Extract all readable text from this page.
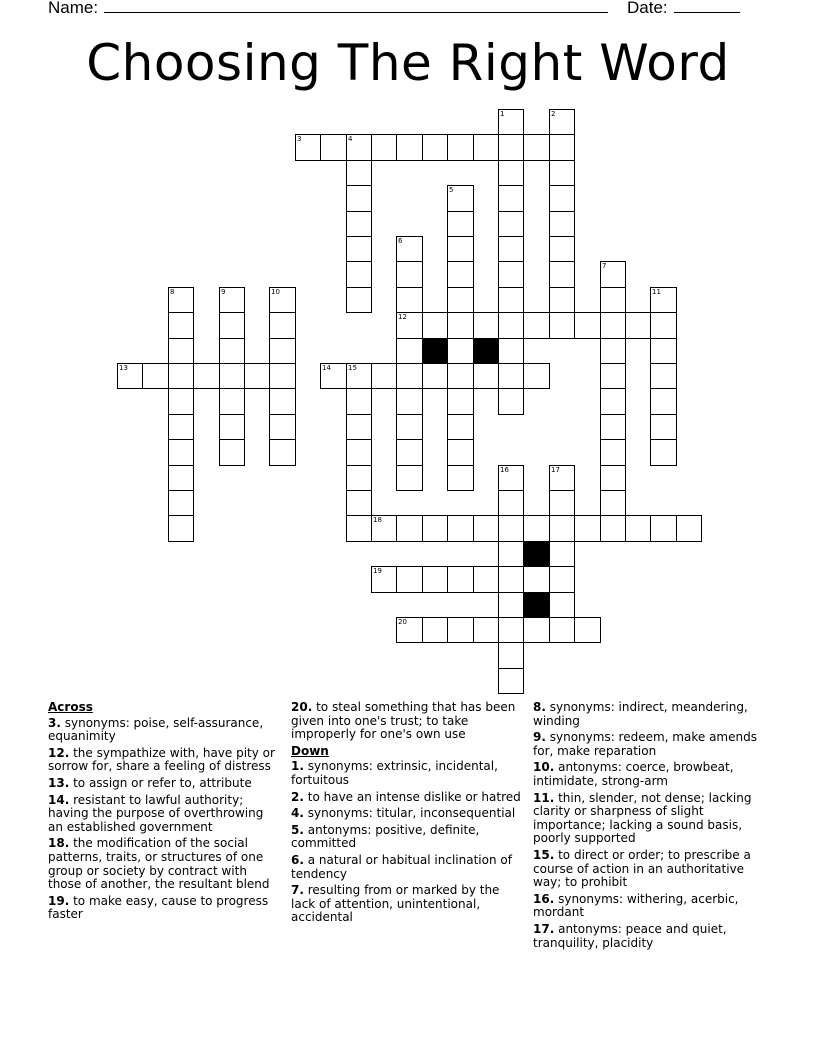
Name:	Date:
Choosing The Right Word
3	4
12
13	14 15
18
19
20
1	2
5
6
7
8	9	10	11
16	17
Across
3. synonyms: poise, self-assurance, equanimity
12. the sympathize with, have pity or sorrow for, share a feeling of distress
13. to assign or refer to, attribute
14. resistant to lawful authority; having the purpose of overthrowing an established government
18. the modification of the social patterns, traits, or structures of one group or society by contract with those of another, the resultant blend
19. to make easy, cause to progress faster
20. to steal something that has been given into one's trust; to take improperly for one's own use
Down
1. synonyms: extrinsic, incidental, fortuitous
2. to have an intense dislike or hatred
4. synonyms: titular, inconsequential
5. antonyms: positive, definite, committed
6. a natural or habitual inclination of tendency
7. resulting from or marked by the lack of attention, unintentional, accidental
8. synonyms: indirect, meandering, winding
9. synonyms: redeem, make amends for, make reparation
10. antonyms: coerce, browbeat, intimidate, strong-arm
11. thin, slender, not dense; lacking clarity or sharpness of slight importance; lacking a sound basis, poorly supported
15. to direct or order; to prescribe a course of action in an authoritative way; to prohibit
16. synonyms: withering, acerbic, mordant
17. antonyms: peace and quiet, tranquility, placidity
